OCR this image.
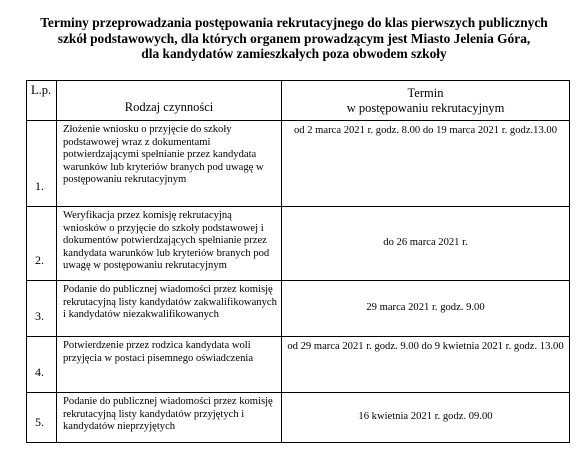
Terminy przeprowadzania postępowania rekrutacyjnego do klas pierwszych publicznych
szkół podstawowych, dla których organem prowadzącym jest Miasto Jelenia Góra,
dla kandydatów zamieszkałych poza obwodem szkoły
L.p.	Rodzaj czynności	Termin
w postępowaniu rekrutacyjnym

1.	Złożenie wniosku o przyjęcie do szkoły podstawowej wraz z dokumentami potwierdzającymi spełnianie przez kandydata warunków lub kryteriów branych pod uwagę w postępowaniu rekrutacyjnym	od 2 marca 2021 r. godz. 8.00 do 19 marca 2021 r. godz.13.00
2.	Weryfikacja przez komisję rekrutacyjną wniosków o przyjęcie do szkoły podstawowej i dokumentów potwierdzających spełnianie przez kandydata warunków lub kryteriów branych pod uwagę w postępowaniu rekrutacyjnym	do 26 marca 2021 r.
3.	Podanie do publicznej wiadomości przez komisję rekrutacyjną listy kandydatów zakwalifikowanych i kandydatów niezakwalifikowanych	29 marca 2021 r. godz. 9.00
4.	Potwierdzenie przez rodzica kandydata woli przyjęcia w postaci pisemnego oświadczenia	od 29 marca 2021 r. godz. 9.00 do 9 kwietnia 2021 r. godz. 13.00
5.	Podanie do publicznej wiadomości przez komisję rekrutacyjną listy kandydatów przyjętych i kandydatów nieprzyjętych	16 kwietnia 2021 r. godz. 09.00
